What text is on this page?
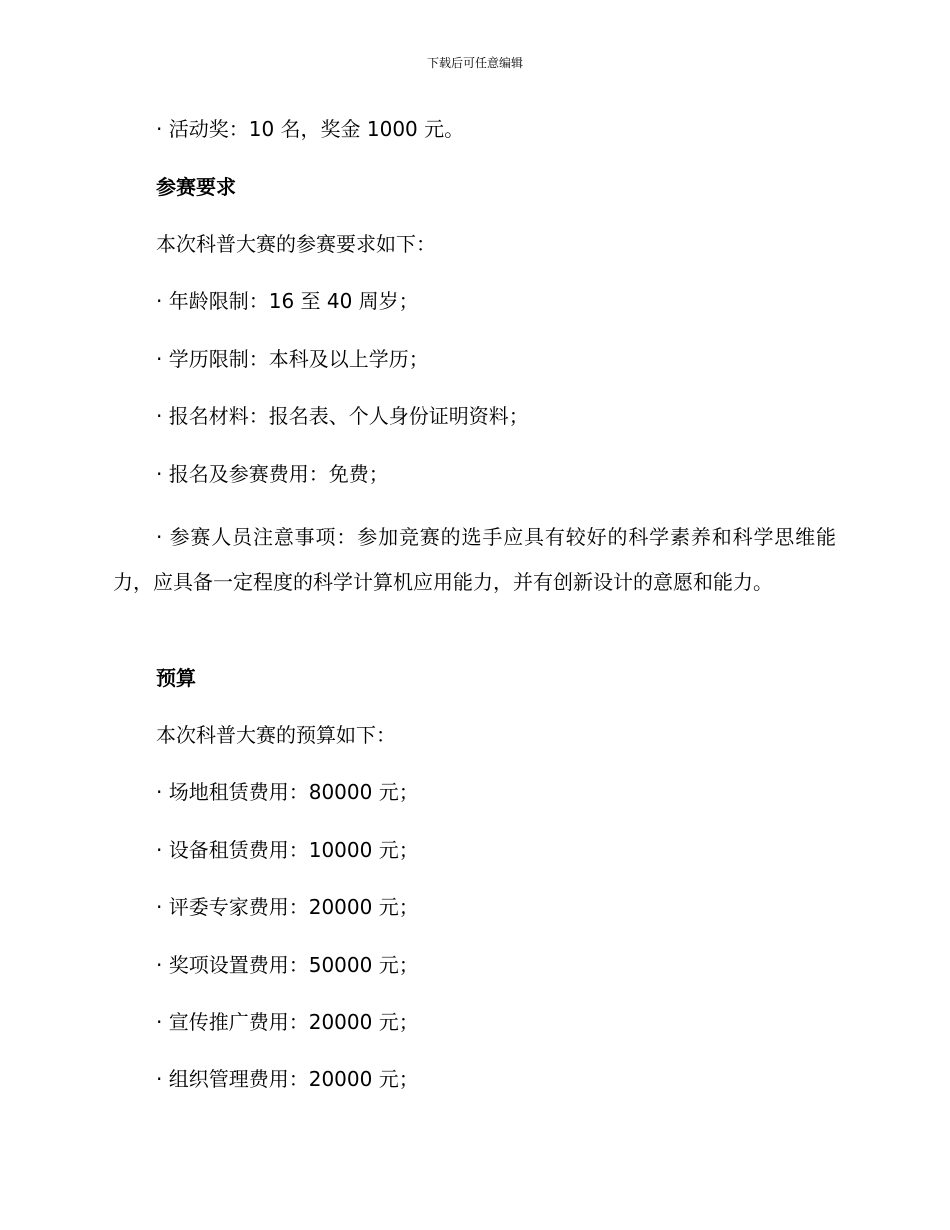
下载后可任意编辑
· 活动奖：10 名，奖金 1000 元。
参赛要求
本次科普大赛的参赛要求如下：
· 年龄限制：16 至 40 周岁；
· 学历限制：本科及以上学历；
· 报名材料：报名表、个人身份证明资料；
· 报名及参赛费用：免费；
· 参赛人员注意事项：参加竞赛的选手应具有较好的科学素养和科学思维能力，应具备一定程度的科学计算机应用能力，并有创新设计的意愿和能力。
预算
本次科普大赛的预算如下：
· 场地租赁费用：80000 元；
· 设备租赁费用：10000 元；
· 评委专家费用：20000 元；
· 奖项设置费用：50000 元；
· 宣传推广费用：20000 元；
· 组织管理费用：20000 元；
